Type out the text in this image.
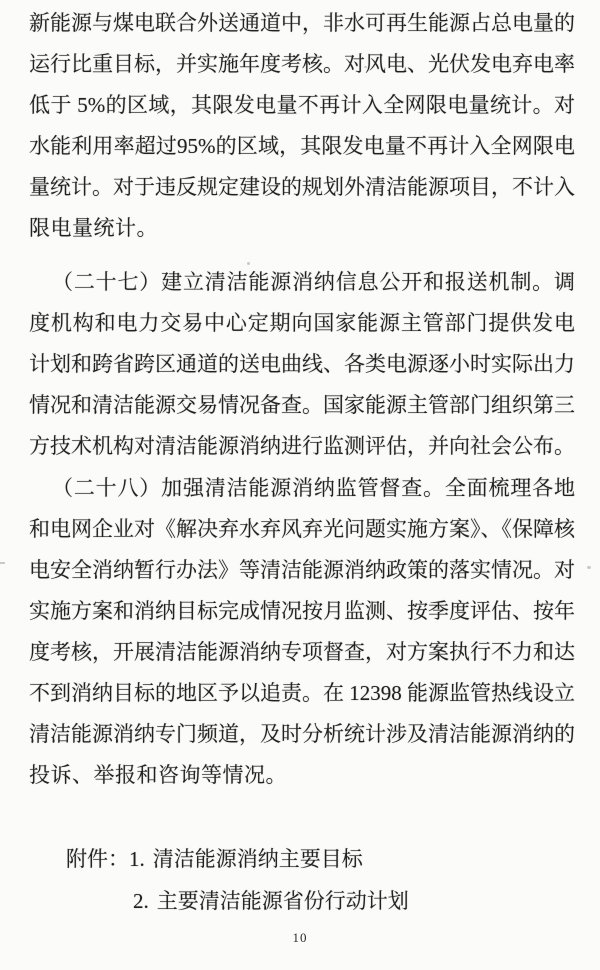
新能源与煤电联合外送通道中，非水可再生能源占总电量的
运行比重目标，并实施年度考核。对风电、光伏发电弃电率
低于 5%的区域，其限发电量不再计入全网限电量统计。对
水能利用率超过95%的区域，其限发电量不再计入全网限电
量统计。对于违反规定建设的规划外清洁能源项目，不计入
限电量统计。
（二十七）建立清洁能源消纳信息公开和报送机制。调
度机构和电力交易中心定期向国家能源主管部门提供发电
计划和跨省跨区通道的送电曲线、各类电源逐小时实际出力
情况和清洁能源交易情况备查。国家能源主管部门组织第三
方技术机构对清洁能源消纳进行监测评估，并向社会公布。
（二十八）加强清洁能源消纳监管督查。全面梳理各地
和电网企业对《解决弃水弃风弃光问题实施方案》、《保障核
电安全消纳暂行办法》等清洁能源消纳政策的落实情况。对
实施方案和消纳目标完成情况按月监测、按季度评估、按年
度考核，开展清洁能源消纳专项督查，对方案执行不力和达
不到消纳目标的地区予以追责。在 12398 能源监管热线设立
清洁能源消纳专门频道，及时分析统计涉及清洁能源消纳的
投诉、举报和咨询等情况。
附件：1. 清洁能源消纳主要目标
2. 主要清洁能源省份行动计划
10
